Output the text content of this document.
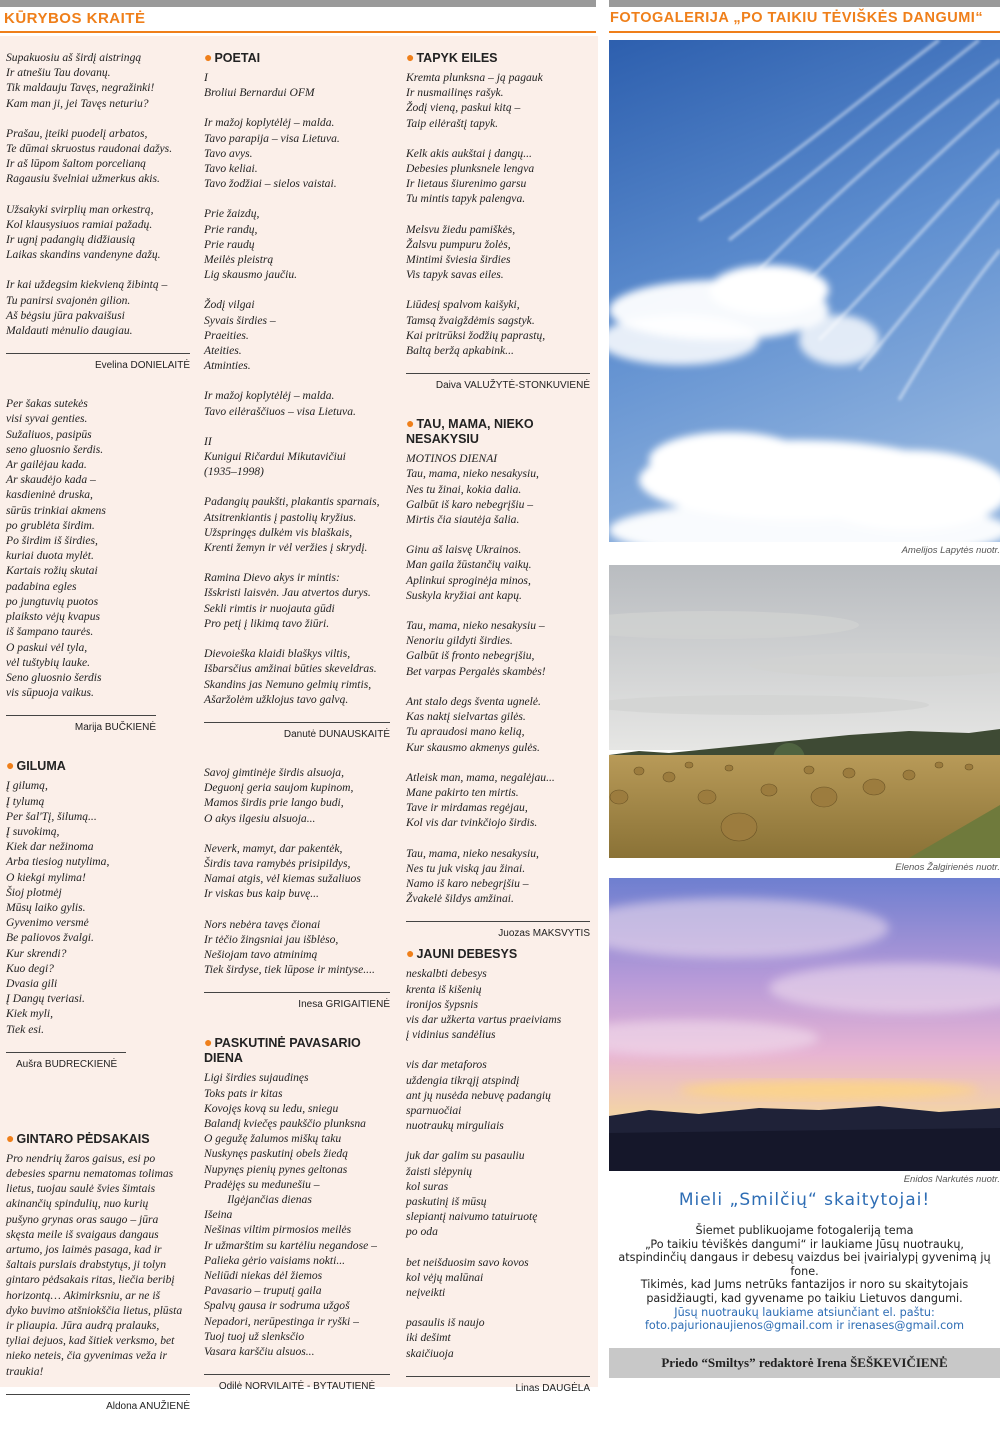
KŪRYBOS KRAITĖ	FOTOGALERIJA „PO TAIKIU TĖVIŠKĖS DANGUMI“

Supakuosiu aš širdį aistringą
Ir atnešiu Tau dovanų.
Tik maldauju Tavęs, negražinki!
Kam man ji, jei Tavęs neturiu?

Prašau, įteiki puodelį arbatos,
Te dūmai skruostus raudonai dažys.
Ir aš lūpom šaltom porcelianą
Ragausiu švelniai užmerkus akis.

Užsakyki svirplių man orkestrą,
Kol klausysiuos ramiai pažadų.
Ir ugnį padangių didžiausią
Laikas skandins vandenyne dažų.

Ir kai uždegsim kiekvieną žibintą –
Tu panirsi svajonėn gilion.
Aš bėgsiu jūra pakvaišusi
Maldauti mėnulio daugiau.

Evelina DONIELAITĖ

Per šakas sutekės
visi syvai genties.
Sužaliuos, pasipūs
seno gluosnio šerdis.
Ar gailėjau kada.
Ar skaudėjo kada –
kasdieninė druska,
sūrūs trinkiai akmens
po grublėta širdim.
Po širdim iš širdies,
kuriai duota mylėt.
Kartais rožių skutai
padabina egles
po jungtuvių puotos
plaiksto vėjų kvapus
iš šampano taurės.
O paskui vėl tyla,
vėl tuštybių lauke.
Seno gluosnio šerdis
vis sūpuoja vaikus.

Marija BUČKIENĖ
● GILUMA

Į gilumą,
Į tylumą
Per šal'Tį, šilumą...
Į suvokimą,
Kiek dar nežinoma
Arba tiesiog nutylima,
O kiekgi mylima!
Šioj plotmėj
Mūsų laiko gylis.
Gyvenimo versmė
Be paliovos žvalgi.
Kur skrendi?
Kuo degi?
Dvasia gili
Į Dangų tveriasi.
Kiek myli,
Tiek esi.

Aušra BUDRECKIENĖ
● GINTARO PĖDSAKAIS

Pro nendrių žaros gaisus, esi po debesies sparnu nematomas tolimas lietus, tuojau saulė švies šimtais akinančių spindulių, nuo kurių pušyno grynas oras saugo – jūra skęsta meile iš svaigaus dangaus artumo, jos laimės pasaga, kad ir šaltais purslais drabstytųs, ji tolyn gintaro pėdsakais ritas, liečia beribį horizontą… Akimirksniu, ar ne iš dyko buvimo atšniokščia lietus, plūsta ir pliaupia. Jūra audrą pralauks, tyliai dejuos, kad šitiek verksmo, bet nieko neteis, čia gyvenimas veža ir traukia!

Aldona ANUŽIENĖ
● POETAI

I
Broliui Bernardui OFM

Ir mažoj koplytėlėj – malda.
Tavo parapija – visa Lietuva.
Tavo avys.
Tavo keliai.
Tavo žodžiai – sielos vaistai.

Prie žaizdų,
Prie randų,
Prie raudų
Meilės pleistrą
Lig skausmo jaučiu.

Žodį vilgai
Syvais širdies –
Praeities.
Ateities.
Atminties.

Ir mažoj koplytėlėj – malda.
Tavo eilėraščiuos – visa Lietuva.

II
Kunigui Ričardui Mikutavičiui
(1935–1998)

Padangių paukšti, plakantis sparnais,
Atsitrenkiantis į pastolių kryžius.
Užspringęs dulkėm vis blaškais,
Krenti žemyn ir vėl veržies į skrydį.

Ramina Dievo akys ir mintis:
Išskristi laisvėn. Jau atvertos durys.
Sekli rimtis ir nuojauta gūdi
Pro petį į likimą tavo žiūri.

Dievoieška klaidi blaškys viltis,
Išbarsčius amžinai būties skeveldras.
Skandins jas Nemuno gelmių rimtis,
Ašaržolėm užklojus tavo galvą.

Danutė DUNAUSKAITĖ

Savoj gimtinėje širdis alsuoja,
Deguonį geria saujom kupinom,
Mamos širdis prie lango budi,
O akys ilgesiu alsuoja...

Neverk, mamyt, dar pakentėk,
Širdis tava ramybės prisipildys,
Namai atgis, vėl kiemas sužaliuos
Ir viskas bus kaip buvę...

Nors nebėra tavęs čionai
Ir tėčio žingsniai jau išblėso,
Nešiojam tavo atminimą
Tiek širdyse, tiek lūpose ir mintyse....

Inesa GRIGAITIENĖ
● PASKUTINĖ PAVASARIO DIENA

Ligi širdies sujaudinęs
Toks pats ir kitas
Kovojęs kovą su ledu, sniegu
Balandį kviečęs paukščio plunksna
O gegužę žalumos miškų taku
Nuskynęs paskutinį obels žiedą
Nupynęs pienių pynes geltonas
Pradėjęs su medunešiu –
Ilgėjančias dienas
Išeina
Nešinas viltim pirmosios meilės
Ir užmarštim su kartėliu negandose –
Palieka gėrio vaisiams nokti...
Neliūdi niekas dėl žiemos
Pavasario – truputį gaila
Spalvų gausa ir sodruma užgoš
Nepadori, nerūpestinga ir ryški –
Tuoj tuoj už slenksčio
Vasara karščiu alsuos...

Odilė NORVILAITĖ - BYTAUTIENĖ
● TAPYK EILES

Kremta plunksna – ją pagauk
Ir nusmailinęs rašyk.
Žodį vieną, paskui kitą –
Taip eilėraštį tapyk.

Kelk akis aukštai į dangų...
Debesies plunksnele lengva
Ir lietaus šiurenimo garsu
Tu mintis tapyk palengva.

Melsvu žiedu pamiškės,
Žalsvu pumpuru žolės,
Mintimi šviesia širdies
Vis tapyk savas eiles.

Liūdesį spalvom kaišyki,
Tamsą žvaigždėmis sagstyk.
Kai pritrūksi žodžių paprastų,
Baltą beržą apkabink...

Daiva VALUŽYTĖ-STONKUVIENĖ
● TAU, MAMA, NIEKO NESAKYSIU

MOTINOS DIENAI
Tau, mama, nieko nesakysiu,
Nes tu žinai, kokia dalia.
Galbūt iš karo nebegrįšiu –
Mirtis čia siautėja šalia.

Ginu aš laisvę Ukrainos.
Man gaila žūstančių vaikų.
Aplinkui sproginėja minos,
Suskyla kryžiai ant kapų.

Tau, mama, nieko nesakysiu –
Nenoriu gildyti širdies.
Galbūt iš fronto nebegrįšiu,
Bet varpas Pergalės skambės!

Ant stalo degs šventa ugnelė.
Kas naktį sielvartas gilės.
Tu apraudosi mano kelią,
Kur skausmo akmenys gulės.

Atleisk man, mama, negalėjau...
Mane pakirto ten mirtis.
Tave ir mirdamas regėjau,
Kol vis dar tvinkčiojo širdis.

Tau, mama, nieko nesakysiu,
Nes tu juk viską jau žinai.
Namo iš karo nebegrįšiu –
Žvakelė šildys amžinai.

Juozas MAKSVYTIS
● JAUNI DEBESYS

neskalbti debesys
krenta iš kišenių
ironijos šypsnis
vis dar užkerta vartus praeiviams
į vidinius sandėlius

vis dar metaforos
uždengia tikrąjį atspindį
ant jų nusėda nebuvę padangių
sparnuočiai
nuotraukų mirguliais

juk dar galim su pasauliu
žaisti slėpynių
kol suras
paskutinį iš mūsų
slepiantį naivumo tatuiruotę
po oda

bet neišduosim savo kovos
kol vėjų malūnai
neįveikti

pasaulis iš naujo
iki dešimt
skaičiuoja

Linas DAUGĖLA
Amelijos Lapytės nuotr.
Elenos Žalgirienės nuotr.
Enidos Narkutės nuotr.
Mieli „Smilčių“ skaitytojai!
Šiemet publikuojame fotogaleriją tema
„Po taikiu tėviškės dangumi“ ir laukiame Jūsų nuotraukų,
atspindinčių dangaus ir debesų vaizdus bei įvairialypį gyvenimą jų fone.
Tikimės, kad Jums netrūks fantazijos ir noro su skaitytojais
pasidžiaugti, kad gyvename po taikiu Lietuvos dangumi.
Jūsų nuotraukų laukiame atsiunčiant el. paštu:
foto.pajurionaujienos@gmail.com ir irenases@gmail.com
Priedo “Smiltys” redaktorė Irena ŠEŠKEVIČIENĖ
